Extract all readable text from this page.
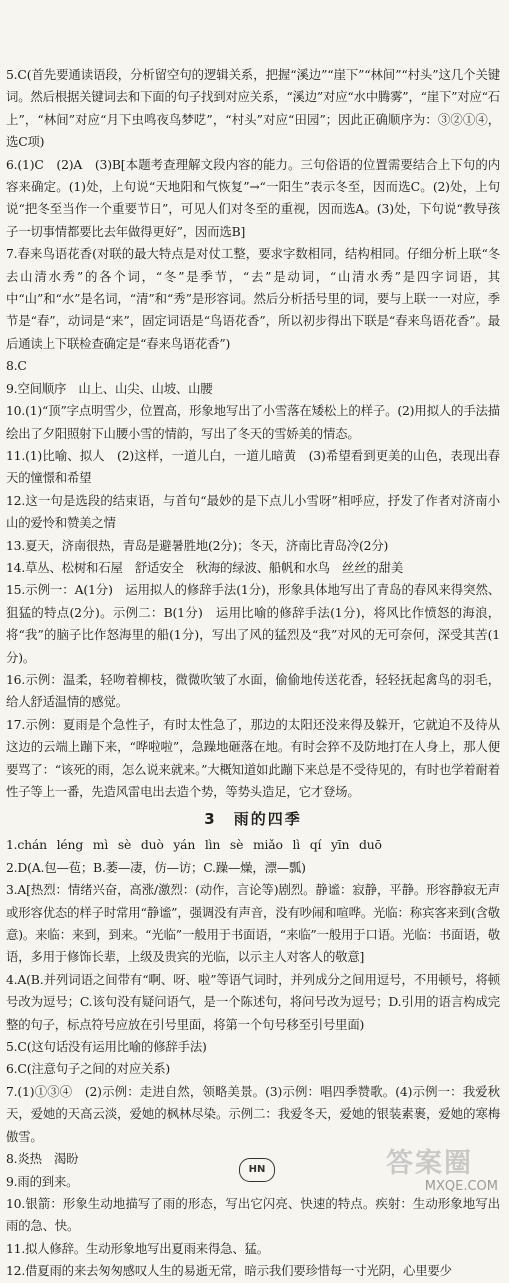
5.C(首先要通读语段，分析留空句的逻辑关系，把握“溪边”“崖下”“林间”“村头”这几个关键词。然后根据关键词去和下面的句子找到对应关系，“溪边”对应“水中腾雾”，“崖下”对应“石上”，“林间”对应“月下虫鸣夜鸟梦呓”，“村头”对应“田园”；因此正确顺序为：③②①④，选C项)

6.(1)C　(2)A　(3)B[本题考查理解文段内容的能力。三句俗语的位置需要结合上下句的内容来确定。(1)处，上句说“天地阳和气恢复”→“一阳生”表示冬至，因而选C。(2)处，上句说“把冬至当作一个重要节日”，可见人们对冬至的重视，因而选A。(3)处，下句说“教导孩子一切事情都要比去年做得更好”，因而选B]

7.春来鸟语花香(对联的最大特点是对仗工整，要求字数相同，结构相同。仔细分析上联“冬去山清水秀”的各个词，“冬”是季节，“去”是动词，“山清水秀”是四字词语，其中“山”和“水”是名词，“清”和“秀”是形容词。然后分析括号里的词，要与上联一一对应，季节是“春”，动词是“来”，固定词语是“鸟语花香”，所以初步得出下联是“春来鸟语花香”。最后通读上下联检查确定是“春来鸟语花香”)

8.C

9.空间顺序　山上、山尖、山坡、山腰

10.(1)“顶”字点明雪少，位置高，形象地写出了小雪落在矮松上的样子。(2)用拟人的手法描绘出了夕阳照射下山腰小雪的情韵，写出了冬天的雪娇美的情态。

11.(1)比喻、拟人　(2)这样，一道儿白，一道儿暗黄　(3)希望看到更美的山色，表现出春天的憧憬和希望

12.这一句是选段的结束语，与首句“最妙的是下点儿小雪呀”相呼应，抒发了作者对济南小山的爱怜和赞美之情

13.夏天，济南很热，青岛是避暑胜地(2分)；冬天，济南比青岛冷(2分)

14.草丛、松树和石屋　舒适安全　秋海的绿波、船帆和水鸟　丝丝的甜美

15.示例一：A(1分)　运用拟人的修辞手法(1分)，形象具体地写出了青岛的春风来得突然、狙猛的特点(2分)。示例二：B(1分)　运用比喻的修辞手法(1分)，将风比作愤怒的海浪，将“我”的脑子比作怒海里的船(1分)，写出了风的猛烈及“我”对风的无可奈何，深受其苦(1分)。

16.示例：温柔，轻吻着柳枝，微微吹皱了水面，偷偷地传送花香，轻轻抚起禽鸟的羽毛，给人舒适温情的感觉。

17.示例：夏雨是个急性子，有时太性急了，那边的太阳还没来得及躲开，它就迫不及待从这边的云端上蹦下来，“哗啦啦”，急躁地砸落在地。有时会猝不及防地打在人身上，那人便要骂了：“该死的雨，怎么说来就来。”大概知道如此蹦下来总是不受待见的，有时也学着耐着性子等上一番，先造风雷电出去造个势，等势头造足，它才登场。

3　雨的四季

1.chán léng mì sè duò yán lìn sè miǎo lì qí yīn duō

2.D(A.包—苞；B.萎—凄，仿—访；C.躁—燥，漂—瓢)

3.A[热烈：情绪兴奋，高涨/激烈：(动作，言论等)剧烈。静谧：寂静，平静。形容静寂无声或形容优态的样子时常用“静谧”，强调没有声音，没有吵闹和喧哗。光临：称宾客来到(含敬意)。来临：来到，到来。“光临”一般用于书面语，“来临”一般用于口语。光临：书面语，敬语，多用于修饰长辈，上级及贵宾的光临，以示主人对客人的敬意]

4.A(B.并列词语之间带有“啊、呀、啦”等语气词时，并列成分之间用逗号，不用顿号，将顿号改为逗号；C.该句没有疑问语气，是一个陈述句，将问号改为逗号；D.引用的语言构成完整的句子，标点符号应放在引号里面，将第一个句号移至引号里面)

5.C(这句话没有运用比喻的修辞手法)

6.C(注意句子之间的对应关系)

7.(1)①③④　(2)示例：走进自然，领略美景。(3)示例：唱四季赞歌。(4)示例一：我爱秋天，爱她的天高云淡，爱她的枫林尽染。示例二：我爱冬天，爱她的银装素裹，爱她的寒梅傲雪。

8.炎热　渴盼

9.雨的到来。

10.银箭：形象生动地描写了雨的形态，写出它闪亮、快速的特点。疾射：生动形象地写出雨的急、快。

11.拟人修辞。生动形象地写出夏雨来得急、猛。

12.借夏雨的来去匆匆感叹人生的易逝无常，暗示我们要珍惜每一寸光阴，心里要少

HN	答案圈
MXQE.COM
